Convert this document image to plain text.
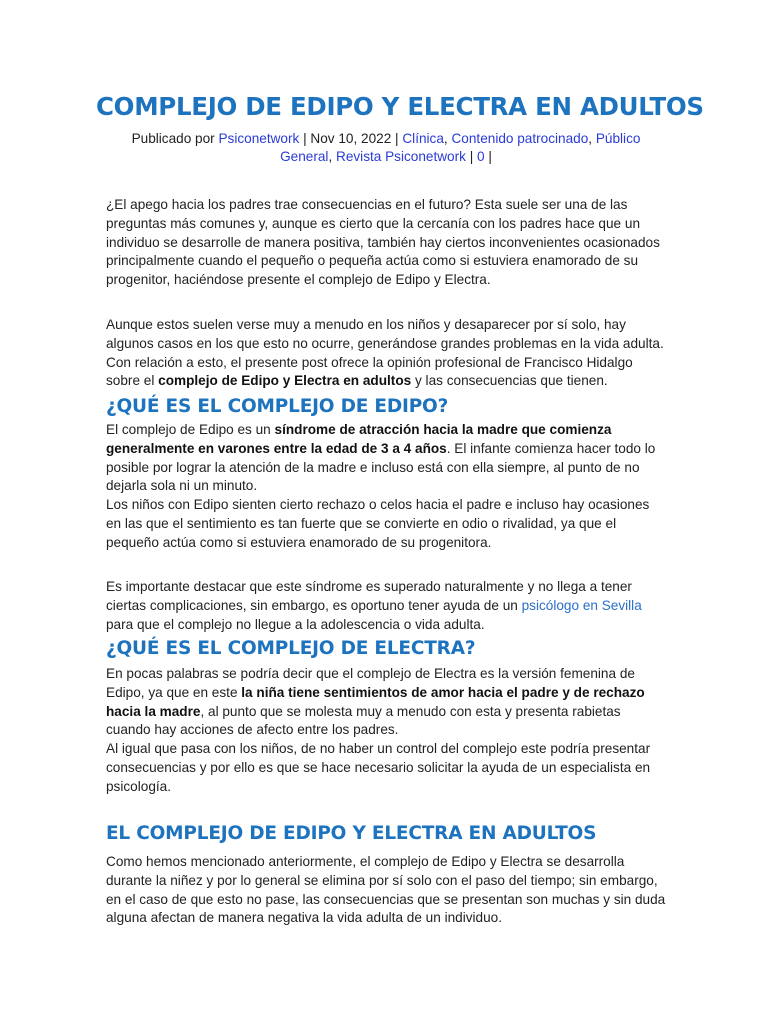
COMPLEJO DE EDIPO Y ELECTRA EN ADULTOS
Publicado por Psiconetwork | Nov 10, 2022 | Clínica, Contenido patrocinado, Público
General, Revista Psiconetwork | 0 |

¿El apego hacia los padres trae consecuencias en el futuro? Esta suele ser una de las preguntas más comunes y, aunque es cierto que la cercanía con los padres hace que un individuo se desarrolle de manera positiva, también hay ciertos inconvenientes ocasionados principalmente cuando el pequeño o pequeña actúa como si estuviera enamorado de su progenitor, haciéndose presente el complejo de Edipo y Electra.

Aunque estos suelen verse muy a menudo en los niños y desaparecer por sí solo, hay algunos casos en los que esto no ocurre, generándose grandes problemas en la vida adulta. Con relación a esto, el presente post ofrece la opinión profesional de Francisco Hidalgo sobre el complejo de Edipo y Electra en adultos y las consecuencias que tienen.

¿QUÉ ES EL COMPLEJO DE EDIPO?

El complejo de Edipo es un síndrome de atracción hacia la madre que comienza generalmente en varones entre la edad de 3 a 4 años. El infante comienza hacer todo lo posible por lograr la atención de la madre e incluso está con ella siempre, al punto de no dejarla sola ni un minuto.

Los niños con Edipo sienten cierto rechazo o celos hacia el padre e incluso hay ocasiones en las que el sentimiento es tan fuerte que se convierte en odio o rivalidad, ya que el pequeño actúa como si estuviera enamorado de su progenitora.

Es importante destacar que este síndrome es superado naturalmente y no llega a tener ciertas complicaciones, sin embargo, es oportuno tener ayuda de un psicólogo en Sevilla para que el complejo no llegue a la adolescencia o vida adulta.

¿QUÉ ES EL COMPLEJO DE ELECTRA?

En pocas palabras se podría decir que el complejo de Electra es la versión femenina de Edipo, ya que en este la niña tiene sentimientos de amor hacia el padre y de rechazo hacia la madre, al punto que se molesta muy a menudo con esta y presenta rabietas cuando hay acciones de afecto entre los padres.

Al igual que pasa con los niños, de no haber un control del complejo este podría presentar consecuencias y por ello es que se hace necesario solicitar la ayuda de un especialista en psicología.

EL COMPLEJO DE EDIPO Y ELECTRA EN ADULTOS

Como hemos mencionado anteriormente, el complejo de Edipo y Electra se desarrolla durante la niñez y por lo general se elimina por sí solo con el paso del tiempo; sin embargo, en el caso de que esto no pase, las consecuencias que se presentan son muchas y sin duda alguna afectan de manera negativa la vida adulta de un individuo.
